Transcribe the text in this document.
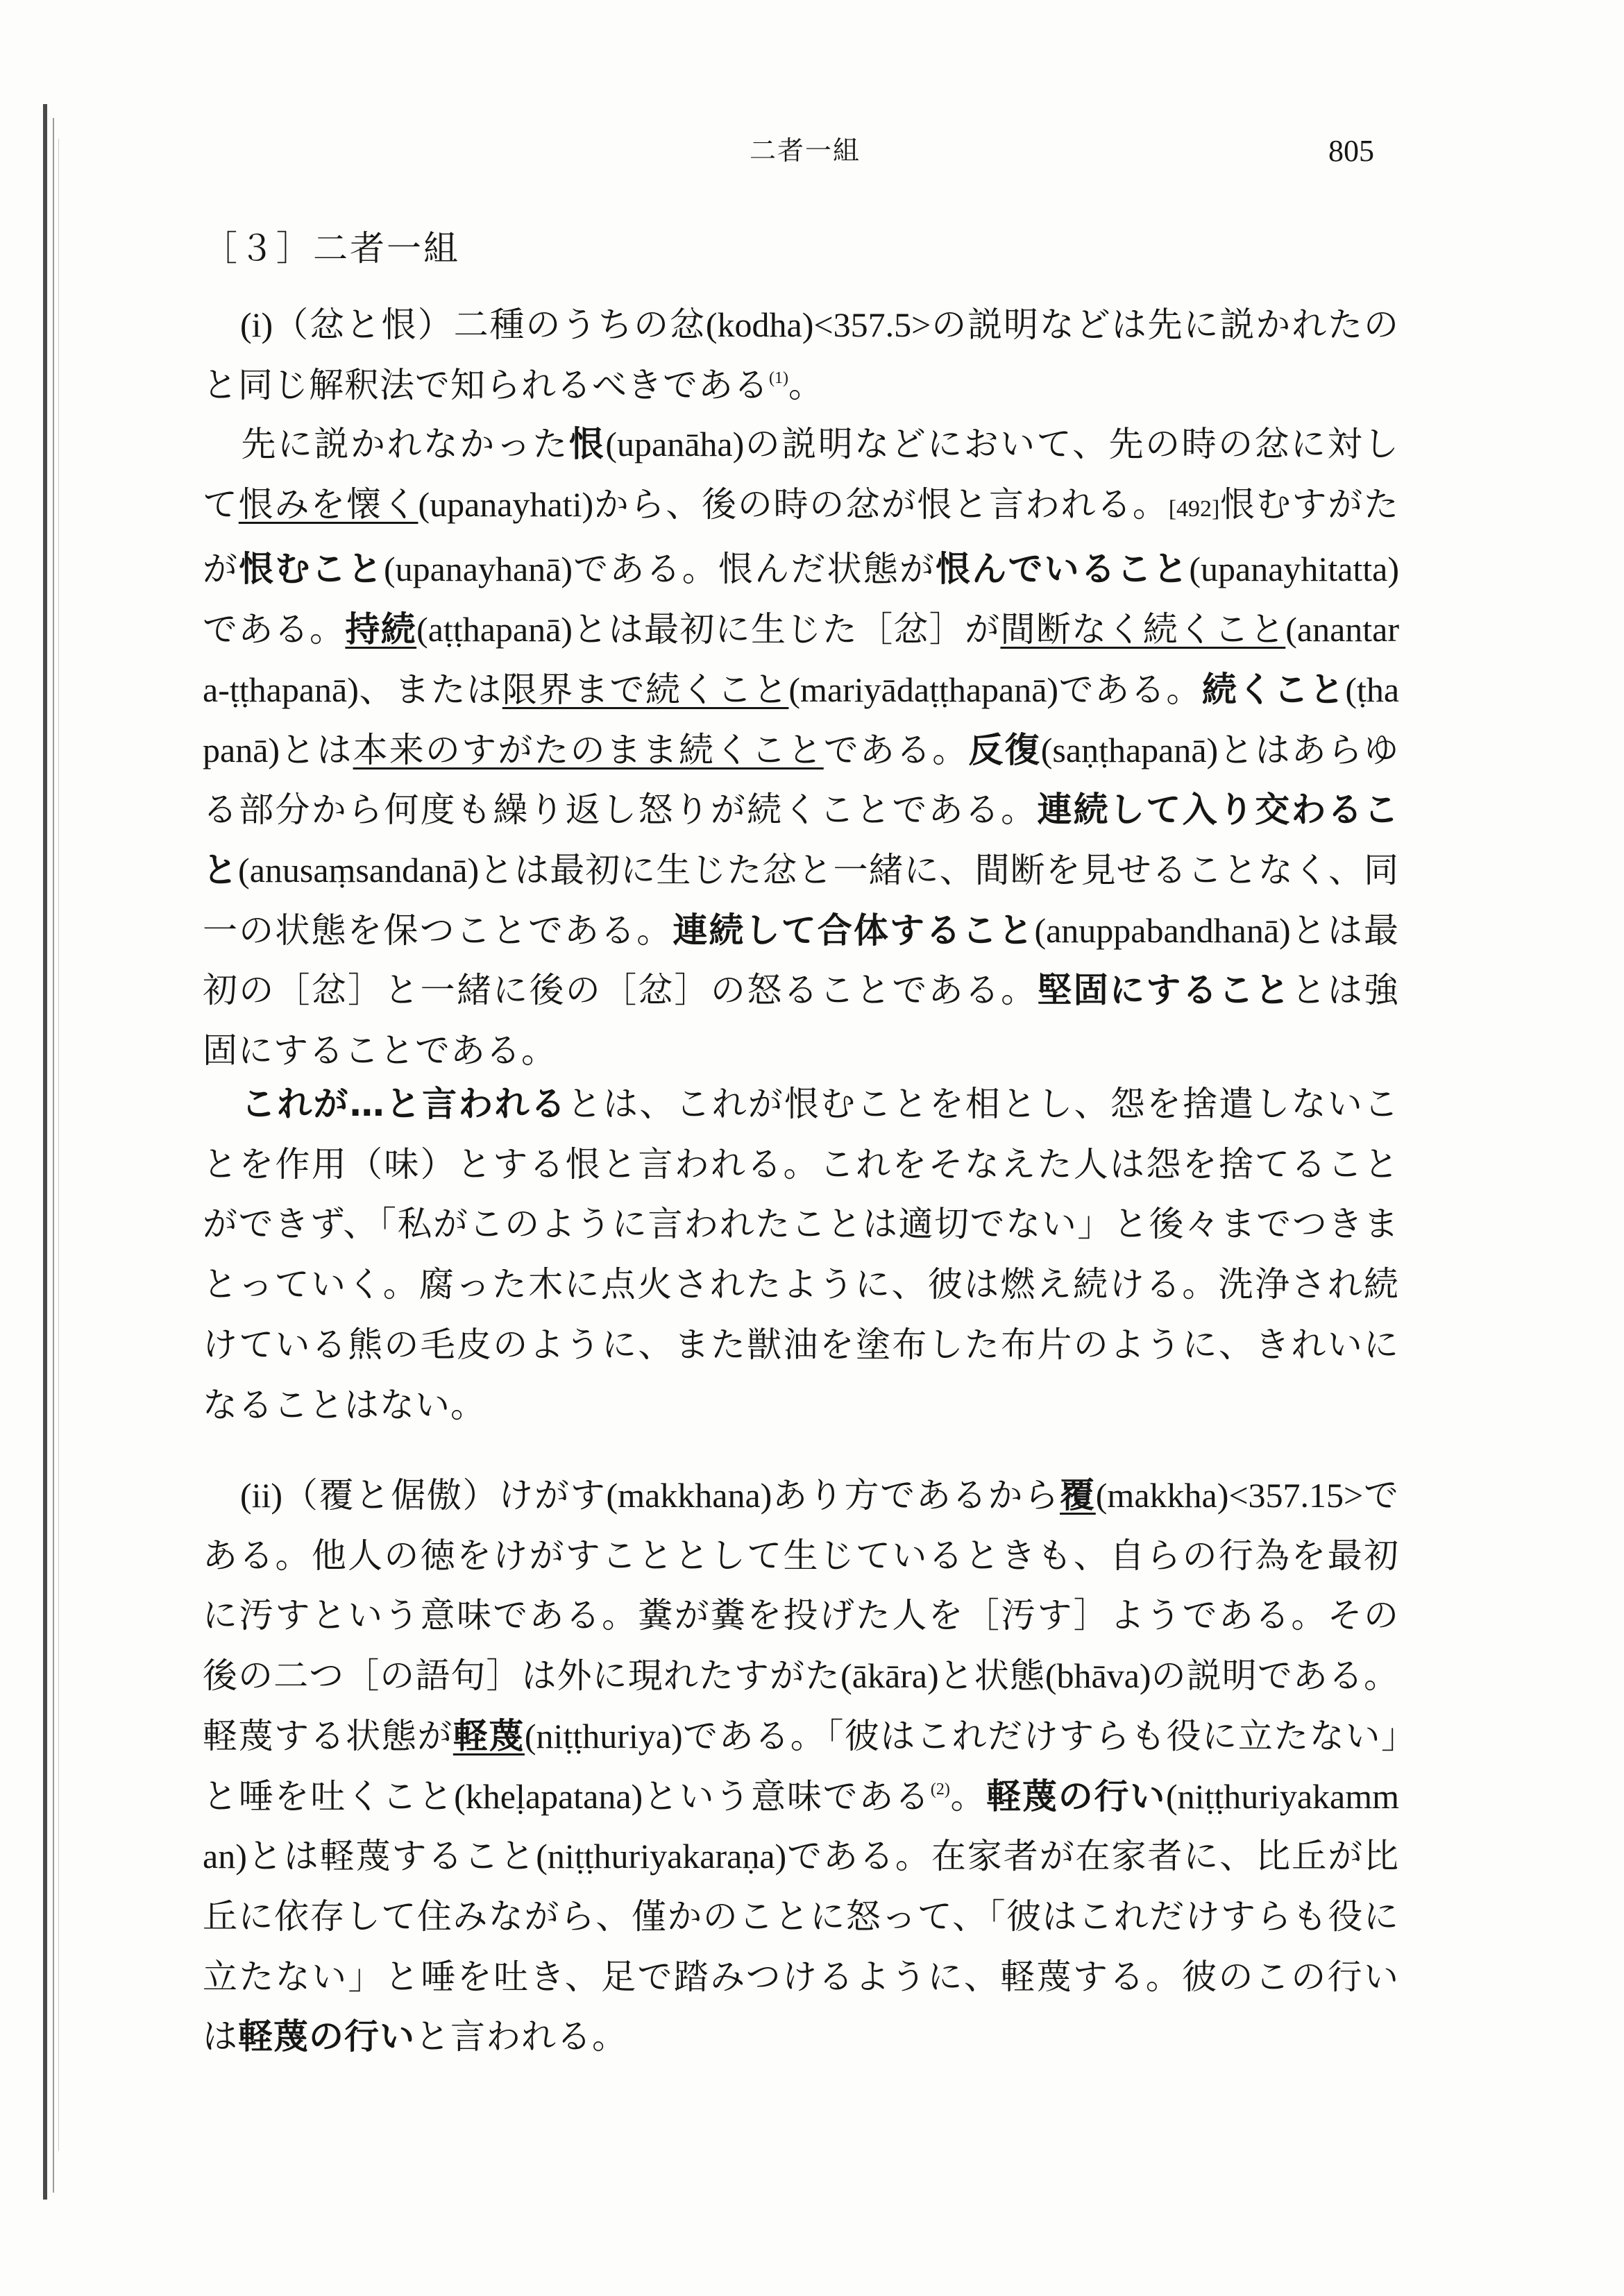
二者一組	805
［３］二者一組
(i)（忿と恨）二種のうちの忿(kodha)<357.5>の説明などは先に説かれたのと同じ解釈法で知られるべきである$^{(1)}$。
先に説かれなかった恨(upanāha)の説明などにおいて、先の時の忿に対して恨みを懐く(upanayhati)から、後の時の忿が恨と言われる。[492]恨むすがたが恨むこと(upanayhanā)である。恨んだ状態が恨んでいること(upanayhitatta)である。持続(aṭṭhapanā)とは最初に生じた［忿］が間断なく続くこと(anantara-ṭṭhapanā)、または限界まで続くこと(mariyādaṭṭhapanā)である。続くこと(ṭhapanā)とは本来のすがたのまま続くことである。反復(saṇṭhapanā)とはあらゆる部分から何度も繰り返し怒りが続くことである。連続して入り交わること(anusaṃsandanā)とは最初に生じた忿と一緒に、間断を見せることなく、同一の状態を保つことである。連続して合体すること(anuppabandhanā)とは最初の［忿］と一緒に後の［忿］の怒ることである。堅固にすることとは強固にすることである。
これが…と言われるとは、これが恨むことを相とし、怨を捨遣しないことを作用（味）とする恨と言われる。これをそなえた人は怨を捨てることができず、「私がこのように言われたことは適切でない」と後々までつきまとっていく。腐った木に点火されたように、彼は燃え続ける。洗浄され続けている熊の毛皮のように、また獣油を塗布した布片のように、きれいになることはない。
(ii)（覆と倨傲）けがす(makkhana)あり方であるから覆(makkha)<357.15>である。他人の徳をけがすこととして生じているときも、自らの行為を最初に汚すという意味である。糞が糞を投げた人を［汚す］ようである。その後の二つ［の語句］は外に現れたすがた(ākāra)と状態(bhāva)の説明である。軽蔑する状態が軽蔑(niṭṭhuriya)である。「彼はこれだけすらも役に立たない」と唾を吐くこと(kheḷapatana)という意味である$^{(2)}$。軽蔑の行い(niṭṭhuriyakamman)とは軽蔑すること(niṭṭhuriyakaraṇa)である。在家者が在家者に、比丘が比丘に依存して住みながら、僅かのことに怒って、「彼はこれだけすらも役に立たない」と唾を吐き、足で踏みつけるように、軽蔑する。彼のこの行いは軽蔑の行いと言われる。
